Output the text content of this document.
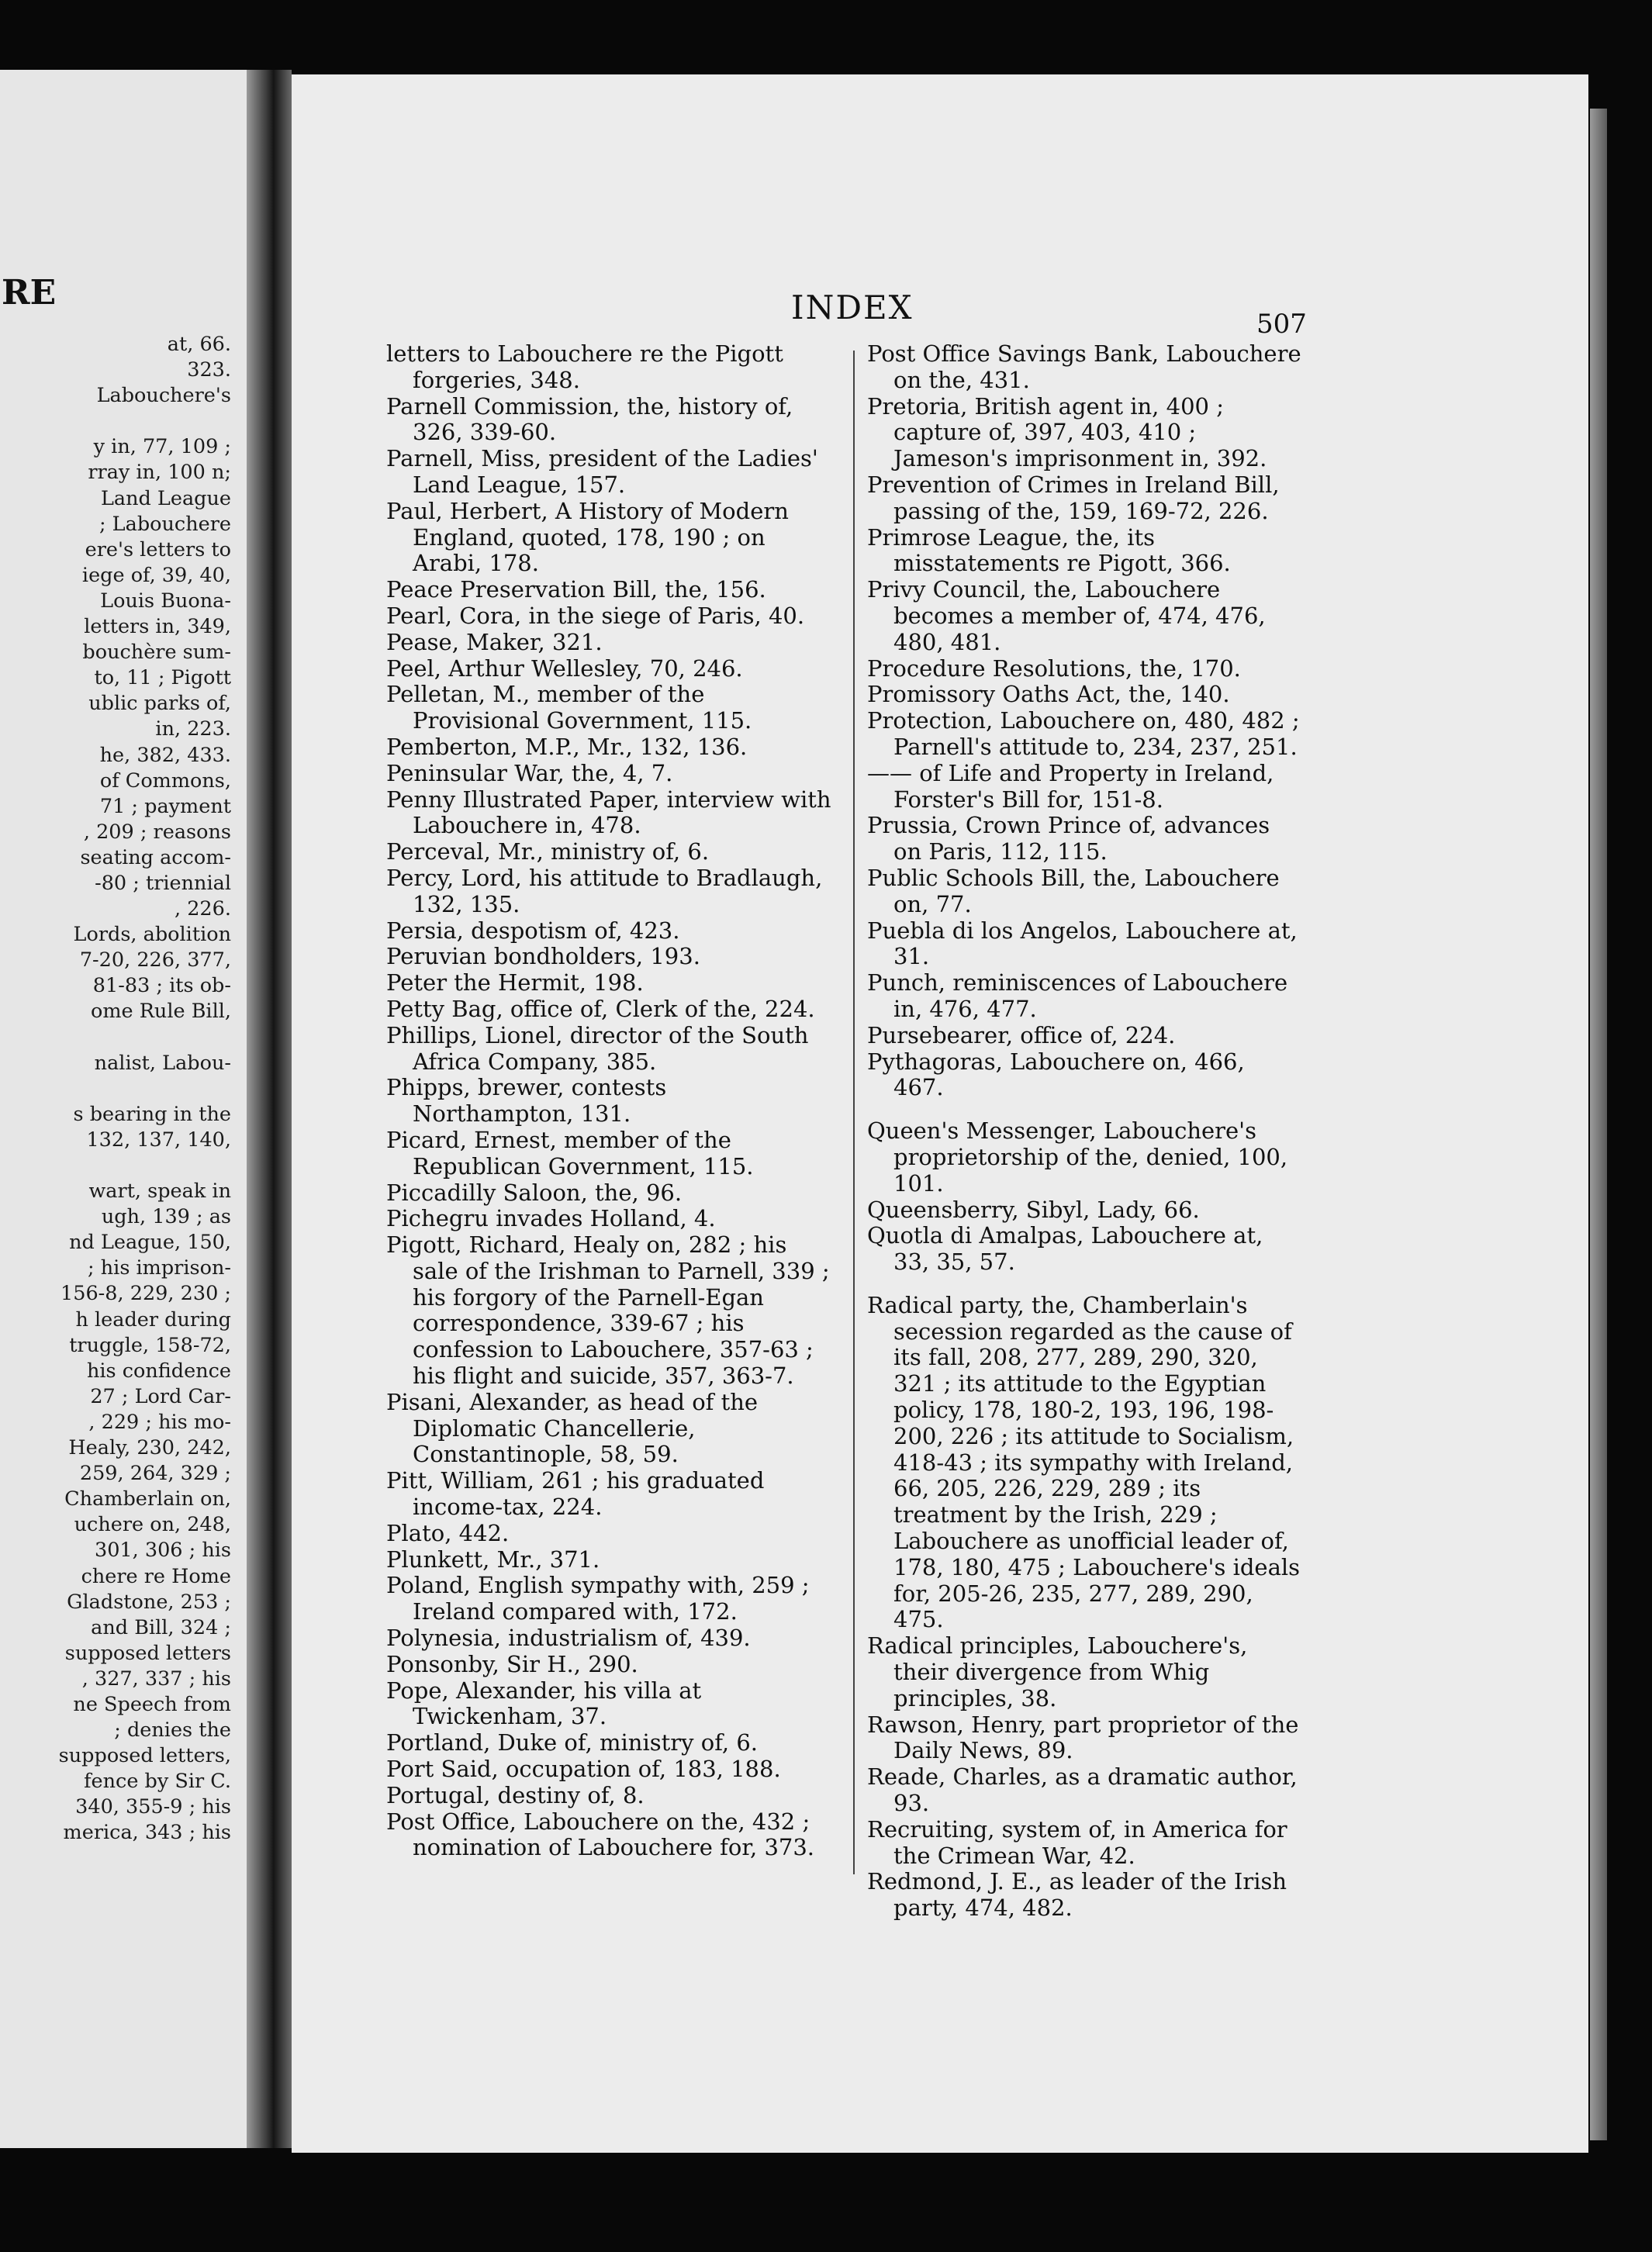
RE
at, 66.
323.
Labouchere's

y in, 77, 109 ;
rray in, 100 n;
Land League
; Labouchere
ere's letters to
iege of, 39, 40,
Louis Buona-
letters in, 349,
bouchère sum-
to, 11 ; Pigott
ublic parks of,
in, 223.
he, 382, 433.
of Commons,
71 ; payment
, 209 ; reasons
seating accom-
-80 ; triennial
, 226.
Lords, abolition
7-20, 226, 377,
81-83 ; its ob-
ome Rule Bill,

nalist, Labou-

s bearing in the
132, 137, 140,

wart, speak in
ugh, 139 ; as
nd League, 150,
; his imprison-
156-8, 229, 230 ;
h leader during
truggle, 158-72,
his confidence
27 ; Lord Car-
, 229 ; his mo-
Healy, 230, 242,
259, 264, 329 ;
Chamberlain on,
uchere on, 248,
301, 306 ; his
chere re Home
Gladstone, 253 ;
and Bill, 324 ;
supposed letters
, 327, 337 ; his
ne Speech from
; denies the
supposed letters,
fence by Sir C.
340, 355-9 ; his
merica, 343 ; his
INDEX	507
letters to Labouchere re the Pigott forgeries, 348.
Parnell Commission, the, history of, 326, 339-60.
Parnell, Miss, president of the Ladies' Land League, 157.
Paul, Herbert, A History of Modern England, quoted, 178, 190 ; on Arabi, 178.
Peace Preservation Bill, the, 156.
Pearl, Cora, in the siege of Paris, 40.
Pease, Maker, 321.
Peel, Arthur Wellesley, 70, 246.
Pelletan, M., member of the Provisional Government, 115.
Pemberton, M.P., Mr., 132, 136.
Peninsular War, the, 4, 7.
Penny Illustrated Paper, interview with Labouchere in, 478.
Perceval, Mr., ministry of, 6.
Percy, Lord, his attitude to Bradlaugh, 132, 135.
Persia, despotism of, 423.
Peruvian bondholders, 193.
Peter the Hermit, 198.
Petty Bag, office of, Clerk of the, 224.
Phillips, Lionel, director of the South Africa Company, 385.
Phipps, brewer, contests Northampton, 131.
Picard, Ernest, member of the Republican Government, 115.
Piccadilly Saloon, the, 96.
Pichegru invades Holland, 4.
Pigott, Richard, Healy on, 282 ; his sale of the Irishman to Parnell, 339 ; his forgory of the Parnell-Egan correspondence, 339-67 ; his confession to Labouchere, 357-63 ; his flight and suicide, 357, 363-7.
Pisani, Alexander, as head of the Diplomatic Chancellerie, Constantinople, 58, 59.
Pitt, William, 261 ; his graduated income-tax, 224.
Plato, 442.
Plunkett, Mr., 371.
Poland, English sympathy with, 259 ; Ireland compared with, 172.
Polynesia, industrialism of, 439.
Ponsonby, Sir H., 290.
Pope, Alexander, his villa at Twickenham, 37.
Portland, Duke of, ministry of, 6.
Port Said, occupation of, 183, 188.
Portugal, destiny of, 8.
Post Office, Labouchere on the, 432 ; nomination of Labouchere for, 373.
Post Office Savings Bank, Labouchere on the, 431.
Pretoria, British agent in, 400 ; capture of, 397, 403, 410 ; Jameson's imprisonment in, 392.
Prevention of Crimes in Ireland Bill, passing of the, 159, 169-72, 226.
Primrose League, the, its misstatements re Pigott, 366.
Privy Council, the, Labouchere becomes a member of, 474, 476, 480, 481.
Procedure Resolutions, the, 170.
Promissory Oaths Act, the, 140.
Protection, Labouchere on, 480, 482 ; Parnell's attitude to, 234, 237, 251.
—— of Life and Property in Ireland, Forster's Bill for, 151-8.
Prussia, Crown Prince of, advances on Paris, 112, 115.
Public Schools Bill, the, Labouchere on, 77.
Puebla di los Angelos, Labouchere at, 31.
Punch, reminiscences of Labouchere in, 476, 477.
Pursebearer, office of, 224.
Pythagoras, Labouchere on, 466, 467.
Queen's Messenger, Labouchere's proprietorship of the, denied, 100, 101.
Queensberry, Sibyl, Lady, 66.
Quotla di Amalpas, Labouchere at, 33, 35, 57.
Radical party, the, Chamberlain's secession regarded as the cause of its fall, 208, 277, 289, 290, 320, 321 ; its attitude to the Egyptian policy, 178, 180-2, 193, 196, 198-200, 226 ; its attitude to Socialism, 418-43 ; its sympathy with Ireland, 66, 205, 226, 229, 289 ; its treatment by the Irish, 229 ; Labouchere as unofficial leader of, 178, 180, 475 ; Labouchere's ideals for, 205-26, 235, 277, 289, 290, 475.
Radical principles, Labouchere's, their divergence from Whig principles, 38.
Rawson, Henry, part proprietor of the Daily News, 89.
Reade, Charles, as a dramatic author, 93.
Recruiting, system of, in America for the Crimean War, 42.
Redmond, J. E., as leader of the Irish party, 474, 482.
